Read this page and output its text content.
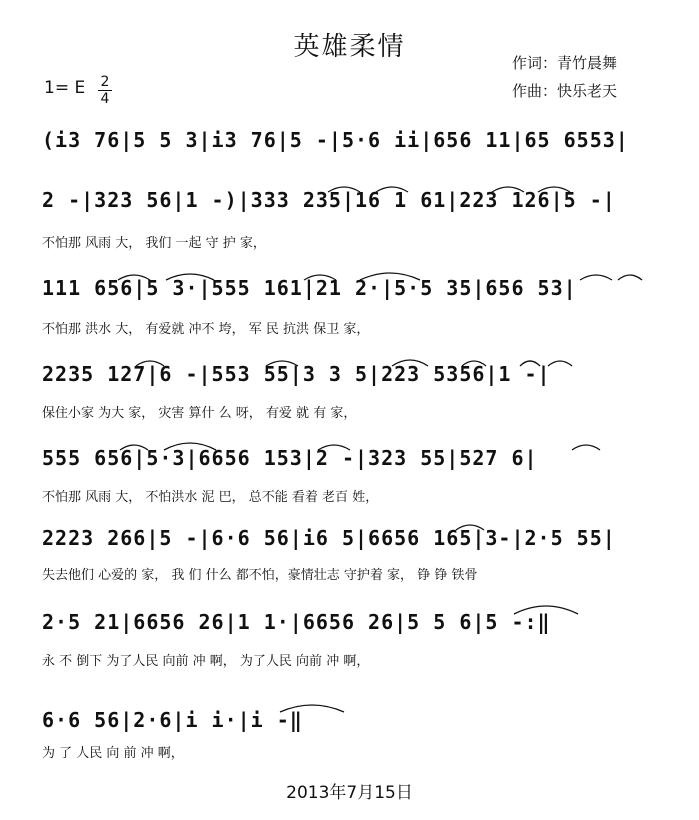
英雄柔情
作词：青竹晨舞
作曲：快乐老天
1= E 2
4
(i3 76|5 5 3|i3 76|5 -|5·6 ii|656 11|65 6553|
2 -|323 56|1 -)|333 235|16 1 61|223 126|5 -|
不怕那 风雨 大， 我们 一起 守 护 家，
111 656|5 3·|555 161|21 2·|5·5 35|656 53|
不怕那 洪水 大， 有爱就 冲不 垮， 军 民 抗洪 保卫 家，
2235 127|6 -|553 55|3 3 5|223 5356|1 -|
保住小家 为大 家， 灾害 算什 么 呀， 有爱 就 有 家，
555 656|5·3|6656 153|2 -|323 55|527 6|
不怕那 风雨 大， 不怕洪水 泥 巴， 总不能 看着 老百 姓，
2223 266|5 -|6·6 56|i6 5|6656 165|3-|2·5 55|
失去他们 心爱的 家， 我 们 什么 都不怕，豪情壮志 守护着 家， 铮 铮 铁骨
2·5 21|6656 26|1 1·|6656 26|5 5 6|5 -:‖
永 不 倒下 为了人民 向前 冲 啊， 为了人民 向前 冲 啊，
6·6 56|2·6|i i·|i -‖
为 了 人民 向 前 冲 啊，
2013年7月15日
